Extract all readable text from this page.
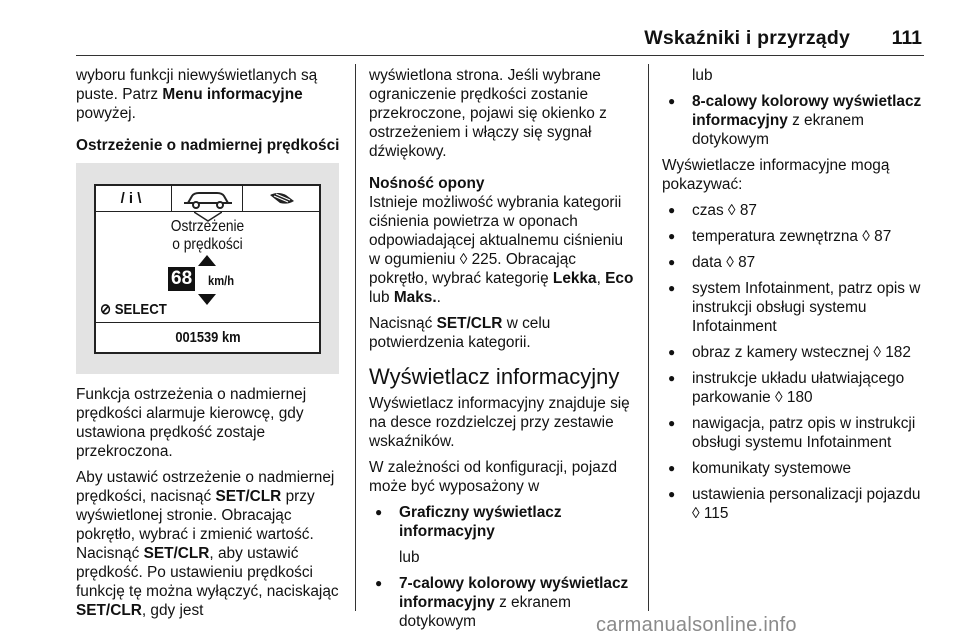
Wskaźniki i przyrządy 111

wyboru funkcji niewyświetlanych są puste. Patrz Menu informacyjne powyżej.

Ostrzeżenie o nadmiernej prędkości

/ i \
Ostrzeżenie
o prędkości
68 km/h
⊘ SELECT
001539 km

Funkcja ostrzeżenia o nadmiernej prędkości alarmuje kierowcę, gdy ustawiona prędkość zostaje przekroczona.

Aby ustawić ostrzeżenie o nadmiernej prędkości, nacisnąć SET/CLR przy wyświetlonej stronie. Obracając pokrętło, wybrać i zmienić wartość. Nacisnąć SET/CLR, aby ustawić prędkość. Po ustawieniu prędkości funkcję tę można wyłączyć, naciskając SET/CLR, gdy jest

wyświetlona strona. Jeśli wybrane ograniczenie prędkości zostanie przekroczone, pojawi się okienko z ostrzeżeniem i włączy się sygnał dźwiękowy.

Nośność opony

Istnieje możliwość wybrania kategorii ciśnienia powietrza w oponach odpowiadającej aktualnemu ciśnieniu w ogumieniu ◊ 225. Obracając pokrętło, wybrać kategorię Lekka, Eco lub Maks..

Nacisnąć SET/CLR w celu potwierdzenia kategorii.

Wyświetlacz informacyjny

Wyświetlacz informacyjny znajduje się na desce rozdzielczej przy zestawie wskaźników.

W zależności od konfiguracji, pojazd może być wyposażony w

● Graficzny wyświetlacz informacyjny
lub
● 7-calowy kolorowy wyświetlacz informacyjny z ekranem dotykowym
lub
● 8-calowy kolorowy wyświetlacz informacyjny z ekranem dotykowym

Wyświetlacze informacyjne mogą pokazywać:

● czas ◊ 87
● temperatura zewnętrzna ◊ 87
● data ◊ 87
● system Infotainment, patrz opis w instrukcji obsługi systemu Infotainment
● obraz z kamery wstecznej ◊ 182
● instrukcje układu ułatwiającego parkowanie ◊ 180
● nawigacja, patrz opis w instrukcji obsługi systemu Infotainment
● komunikaty systemowe
● ustawienia personalizacji pojazdu ◊ 115
carmanualsonline.info
